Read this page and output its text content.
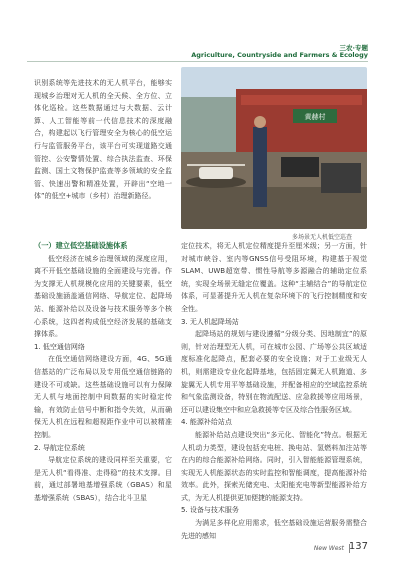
三农·专题
Agriculture, Countryside and Farmers & Ecology
黄赫村
多场景无人机低空巡查

识别系统等先进技术的无人机平台，能够实现城乡治理对无人机的全天候、全方位、立体化巡检。这些数据通过与大数据、云计算、人工智能等前一代信息技术的深度融合，构建起以飞行管理安全为核心的低空运行与监管服务平台，该平台可实现道路交通管控、公安警情处置、综合执法监查、环保监测、国土文物保护监查等多领域的安全监管、快速出警和精准处置，开辟出“空地一体”的低空+城市（乡村）治理新路径。

（一）建立低空基础设施体系

低空经济在城乡治理领域的深度应用，离不开低空基础设施的全面建设与完善。作为支撑无人机规模化应用的关键要素，低空基础设施涵盖通信网络、导航定位、起降场站、能源补给以及设备与技术服务等多个核心系统，这四者构成低空经济发展的基础支撑体系。

1. 低空通信网络

在低空通信网络建设方面，4G、5G通信基站的广泛布局以及专用低空通信链路的建设不可或缺。这些基础设施可以有力保障无人机与地面控制中间数据的实时稳定传输，有效防止信号中断和指令失效，从而确保无人机在远程和超视距作业中可以被精准控制。

2. 导航定位系统

导航定位系统的建设同样至关重要，它是无人机“看得准、走得稳”的技术支撑。目前，通过部署地基增强系统（GBAS）和星基增强系统（SBAS），结合北斗卫星

定位技术，将无人机定位精度提升至厘米级；另一方面，针对城市峡谷、室内等GNSS信号受阻环境，构建基于视觉SLAM、UWB超宽带、惯性导航等多源融合的辅助定位系统，实现全场景无缝定位覆盖。这种“主辅结合”的导航定位体系，可显著提升无人机在复杂环境下的飞行控制精度和安全性。

3. 无人机起降场站

起降场站的规划与建设遵循“分级分类、因地制宜”的原则，针对治理型无人机，可在城市公园、广场等公共区域适度标准化起降点，配套必要的安全设施；对于工业级无人机，则需建设专业化起降基地，包括固定翼无人机跑道、多旋翼无人机专用平等基础设施，并配备相应的空域监控系统和气象监测设备，特别在物流配送、应急救援等应用场景，还可以建设集空中和应急救援等专区及综合性服务区域。

4. 能源补给站点

能源补给站点建设突出“多元化、智能化”特点。根据无人机动力类型，建设包括充电桩、换电站、氢燃料加注站等在内的综合能源补给网络。同时，引入智能能源管理系统，实现无人机能源状态的实时监控和智能调度，提高能源补给效率。此外，探索光储充电、太阳能充电等新型能源补给方式，为无人机提供更加便捷的能源支持。

5. 设备与技术服务

为满足多样化应用需求，低空基础设施运营服务需整合先进的感知

New West 137
